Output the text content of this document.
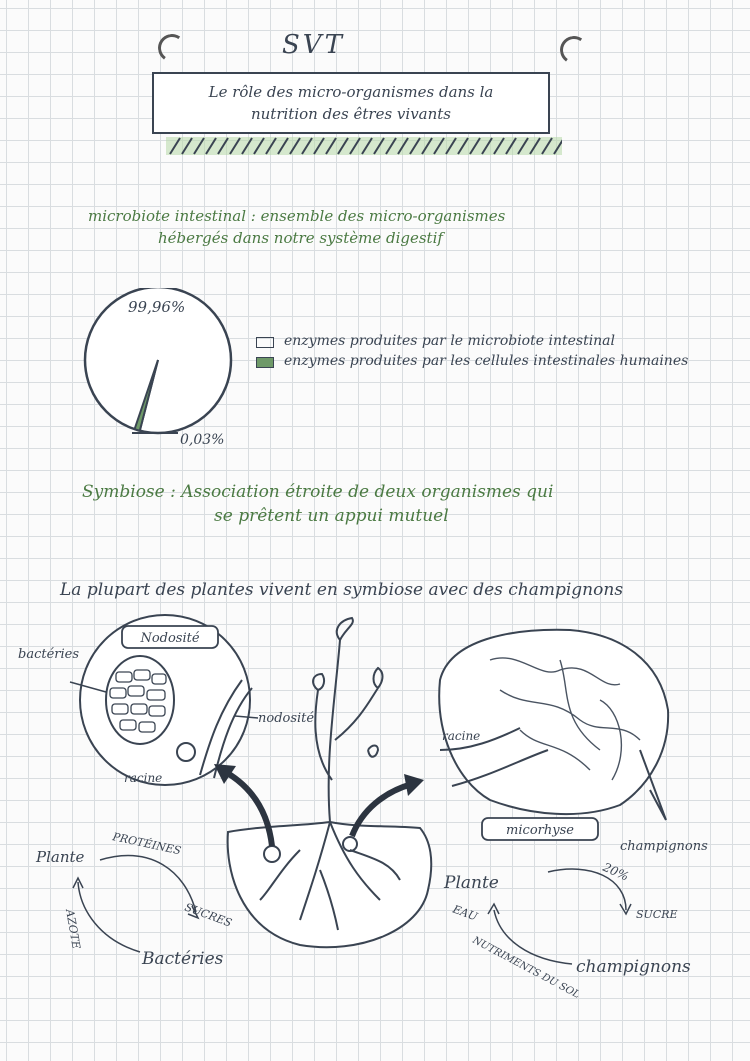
SVT
Le rôle des micro-organismes dans la
nutrition des êtres vivants
microbiote intestinal : ensemble des micro-organismes
hébergés dans notre système digestif
99,96%
0,03%
enzymes produites par le microbiote intestinal
enzymes produites par les cellules intestinales humaines
Symbiose : Association étroite de deux organismes qui
se prêtent un appui mutuel
La plupart des plantes vivent en symbiose avec des champignons
Nodosité
bactéries
racine
nodosité
racine
micorhyse
champignons
Plante
Bactéries
PROTÉINES
SUCRES
AZOTE
Plante
champignons
20%
SUCRE
EAU
NUTRIMENTS DU SOL
